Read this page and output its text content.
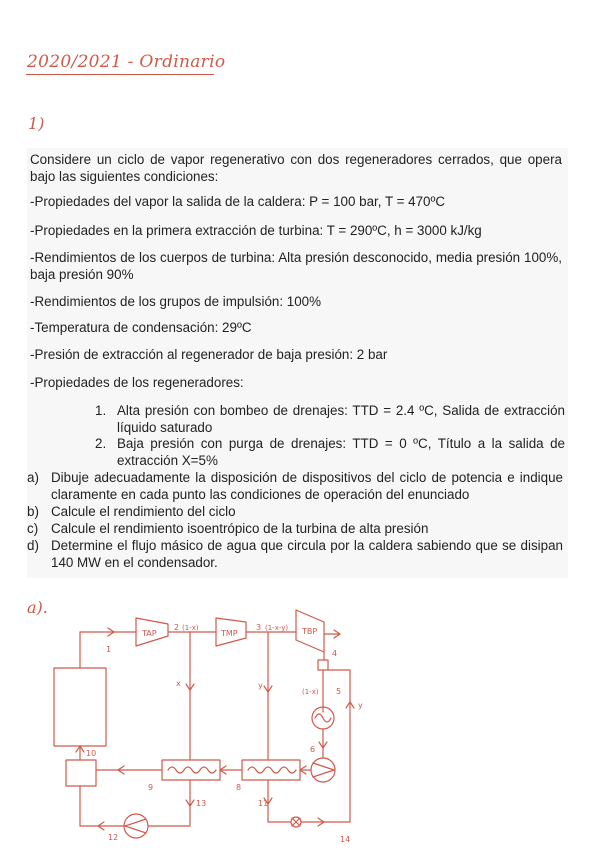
2020/2021 - Ordinario
1)

Considere un ciclo de vapor regenerativo con dos regeneradores cerrados, que opera bajo las siguientes condiciones:

-Propiedades del vapor la salida de la caldera: P = 100 bar, T = 470ºC

-Propiedades en la primera extracción de turbina: T = 290ºC, h = 3000 kJ/kg

-Rendimientos de los cuerpos de turbina: Alta presión desconocido, media presión 100%, baja presión 90%

-Rendimientos de los grupos de impulsión: 100%

-Temperatura de condensación: 29ºC

-Presión de extracción al regenerador de baja presión: 2 bar

-Propiedades de los regeneradores:

1. Alta presión con bombeo de drenajes: TTD = 2.4 ºC, Salida de extracción líquido saturado
2. Baja presión con purga de drenajes: TTD = 0 ºC, Título a la salida de extracción X=5%
a) Dibuje adecuadamente la disposición de dispositivos del ciclo de potencia e indique claramente en cada punto las condiciones de operación del enunciado
b) Calcule el rendimiento del ciclo
c) Calcule el rendimiento isoentrópico de la turbina de alta presión
d) Determine el flujo másico de agua que circula por la caldera sabiendo que se disipan 140 MW en el condensador.
a).
TAP	TMP	TBP
1
2 (1-x)	3 (1-x-y)
4
(1-x) 5
6
x	y
y
8
9
10
12
13	11
14
